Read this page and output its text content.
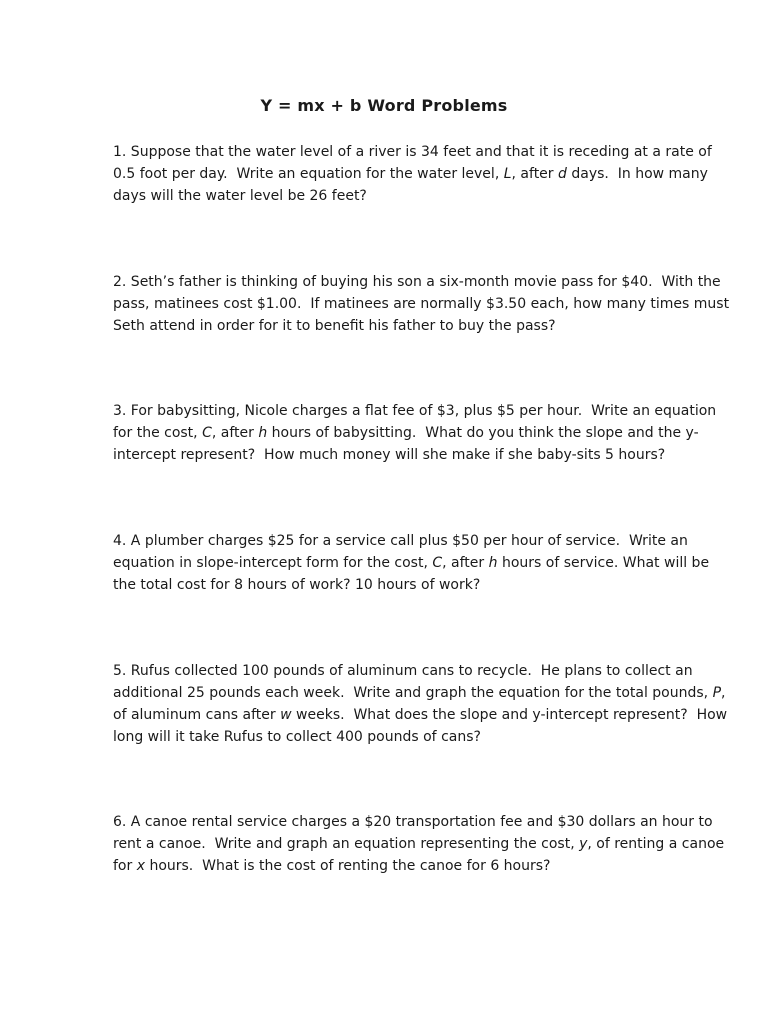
Y = mx + b Word Problems
1. Suppose that the water level of a river is 34 feet and that it is receding at a rate of
0.5 foot per day.  Write an equation for the water level, L, after d days.  In how many
days will the water level be 26 feet?
2. Seth’s father is thinking of buying his son a six-month movie pass for $40.  With the
pass, matinees cost $1.00.  If matinees are normally $3.50 each, how many times must
Seth attend in order for it to benefit his father to buy the pass?
3. For babysitting, Nicole charges a flat fee of $3, plus $5 per hour.  Write an equation
for the cost, C, after h hours of babysitting.  What do you think the slope and the y-
intercept represent?  How much money will she make if she baby-sits 5 hours?
4. A plumber charges $25 for a service call plus $50 per hour of service.  Write an
equation in slope-intercept form for the cost, C, after h hours of service. What will be
the total cost for 8 hours of work? 10 hours of work?
5. Rufus collected 100 pounds of aluminum cans to recycle.  He plans to collect an
additional 25 pounds each week.  Write and graph the equation for the total pounds, P,
of aluminum cans after w weeks.  What does the slope and y-intercept represent?  How
long will it take Rufus to collect 400 pounds of cans?
6. A canoe rental service charges a $20 transportation fee and $30 dollars an hour to
rent a canoe.  Write and graph an equation representing the cost, y, of renting a canoe
for x hours.  What is the cost of renting the canoe for 6 hours?
